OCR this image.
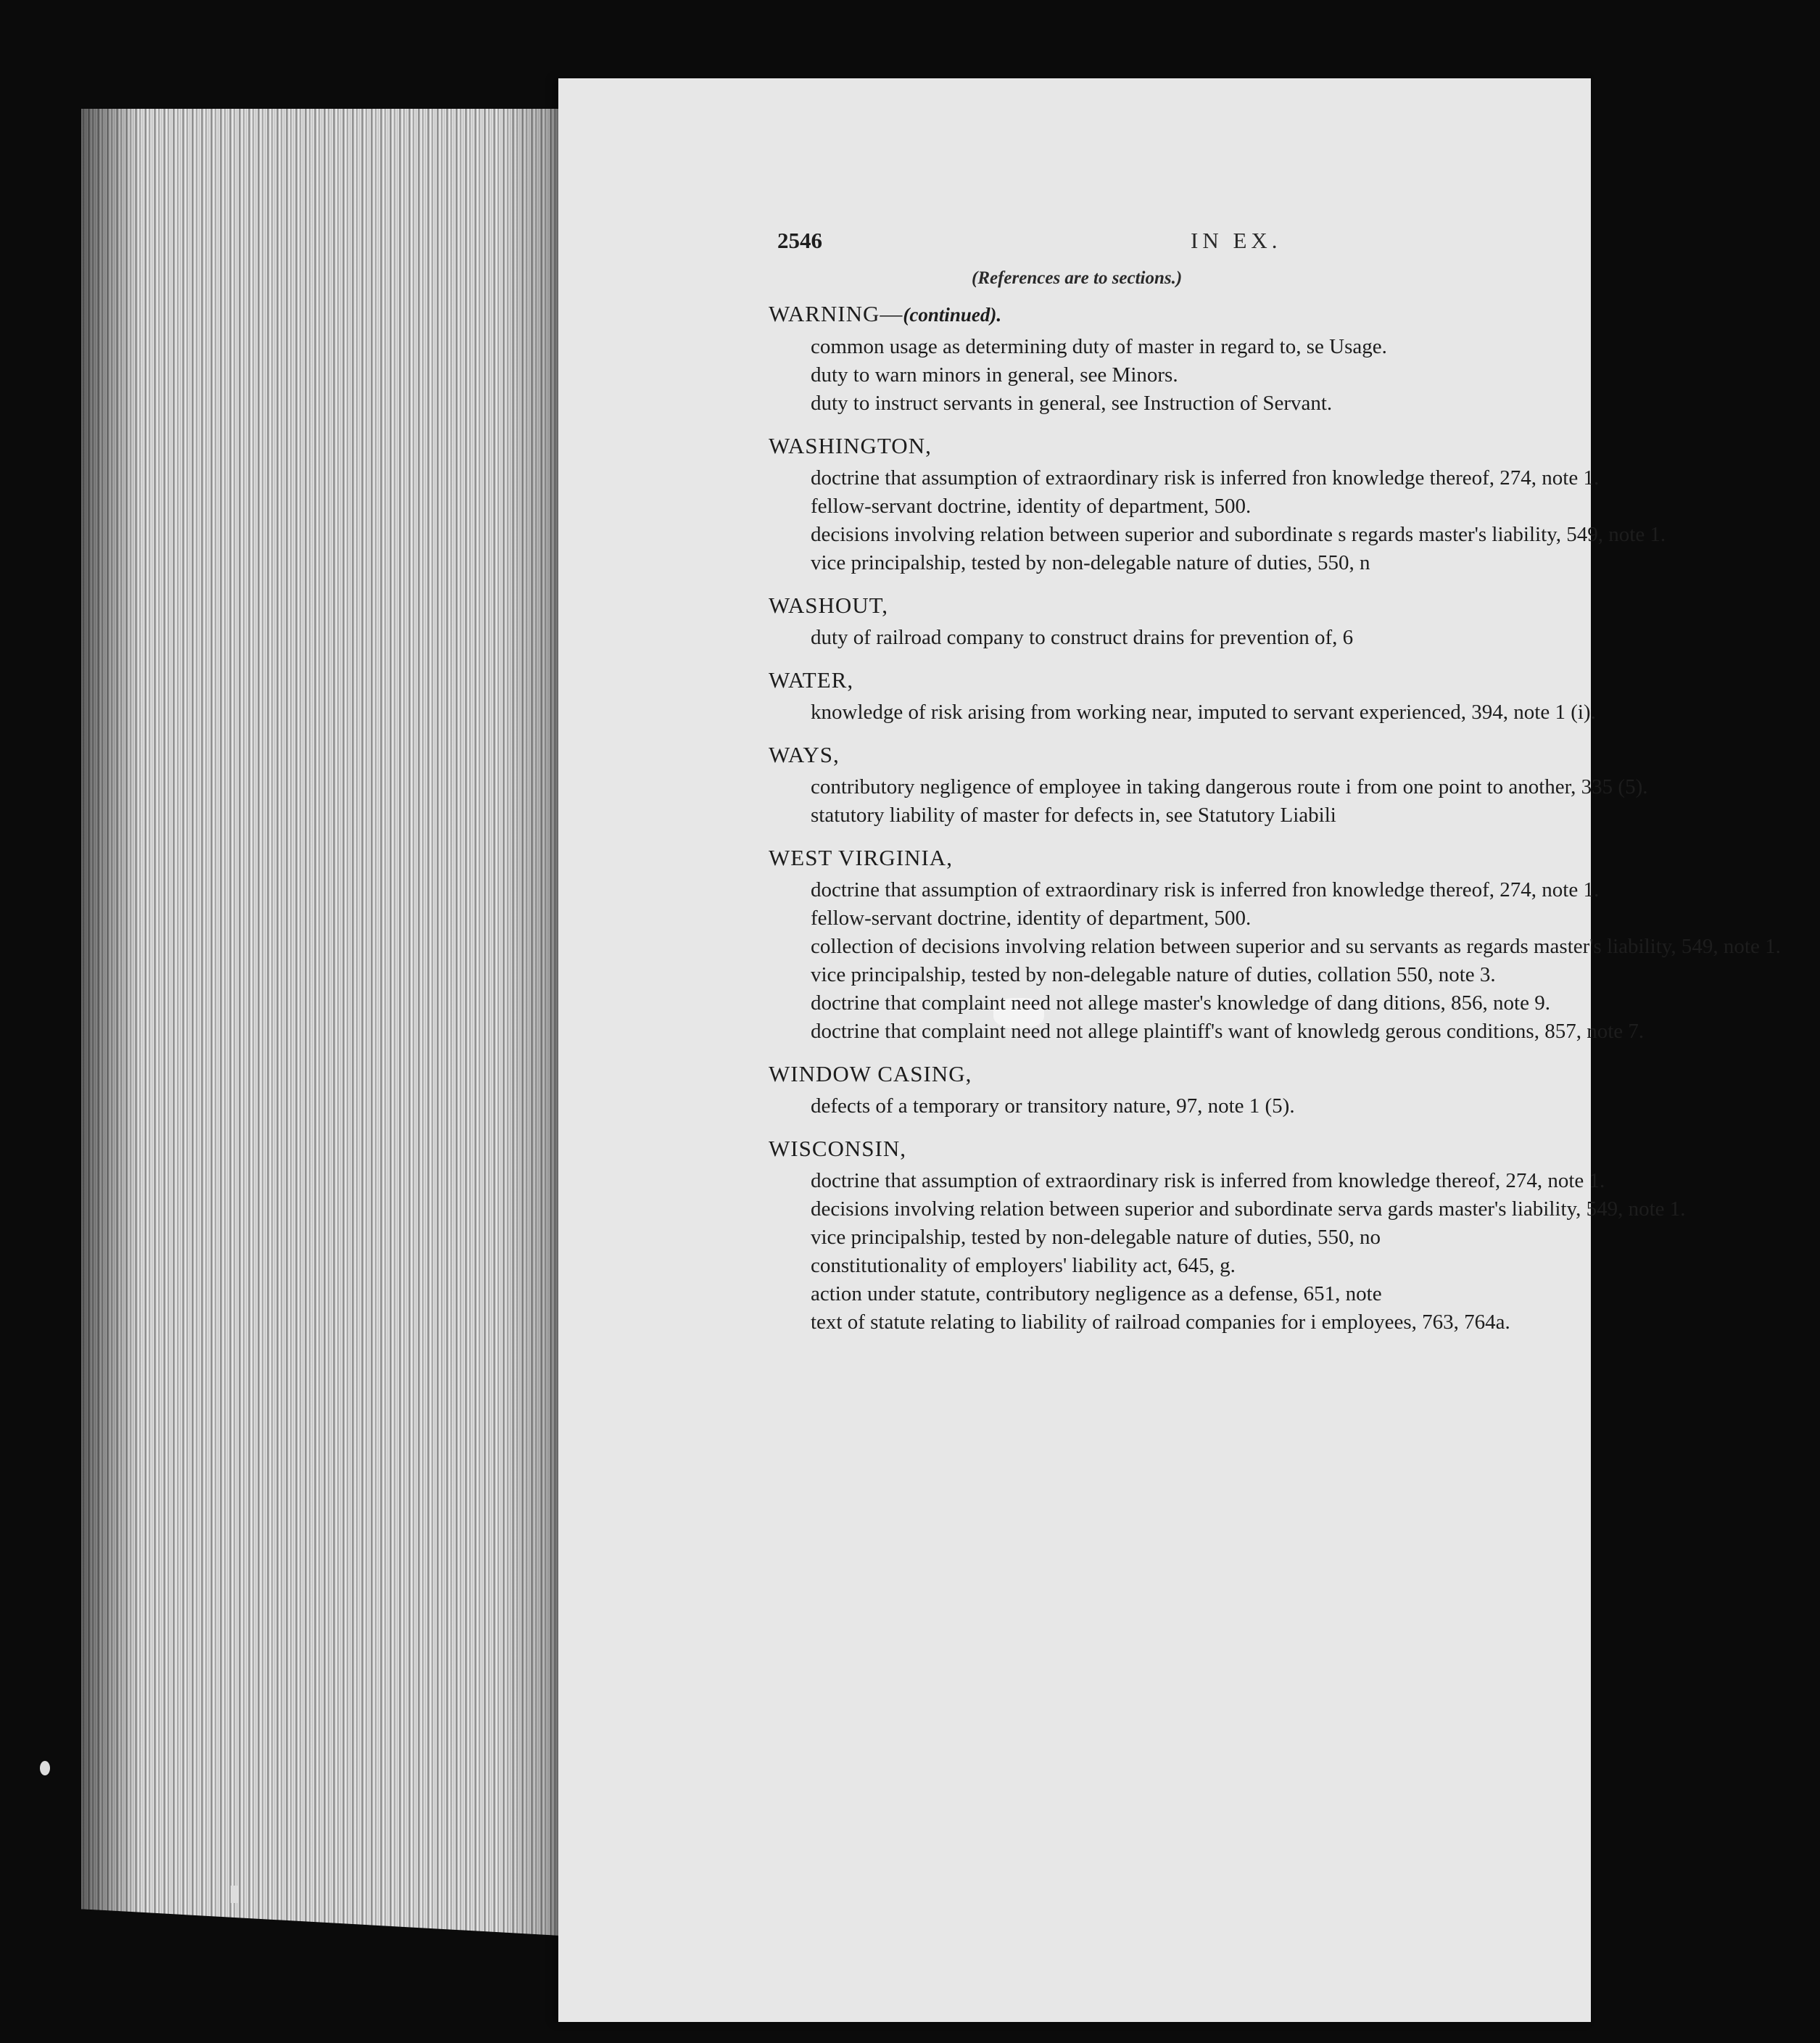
2546	IN EX.
(References are to sections.)
WARNING—(continued).
common usage as determining duty of master in regard to, se Usage.
duty to warn minors in general, see Minors.
duty to instruct servants in general, see Instruction of Servant.
WASHINGTON,
doctrine that assumption of extraordinary risk is inferred fron knowledge thereof, 274, note 1.
fellow-servant doctrine, identity of department, 500.
decisions involving relation between superior and subordinate s regards master's liability, 549, note 1.
vice principalship, tested by non-delegable nature of duties, 550, n
WASHOUT,
duty of railroad company to construct drains for prevention of, 6
WATER,
knowledge of risk arising from working near, imputed to servant experienced, 394, note 1 (i).
WAYS,
contributory negligence of employee in taking dangerous route i from one point to another, 335 (5).
statutory liability of master for defects in, see Statutory Liabili
WEST VIRGINIA,
doctrine that assumption of extraordinary risk is inferred fron knowledge thereof, 274, note 1.
fellow-servant doctrine, identity of department, 500.
collection of decisions involving relation between superior and su servants as regards master's liability, 549, note 1.
vice principalship, tested by non-delegable nature of duties, collation 550, note 3.
doctrine that complaint need not allege master's knowledge of dang ditions, 856, note 9.
doctrine that complaint need not allege plaintiff's want of knowledg gerous conditions, 857, note 7.
WINDOW CASING,
defects of a temporary or transitory nature, 97, note 1 (5).
WISCONSIN,
doctrine that assumption of extraordinary risk is inferred from knowledge thereof, 274, note 1.
decisions involving relation between superior and subordinate serva gards master's liability, 549, note 1.
vice principalship, tested by non-delegable nature of duties, 550, no
constitutionality of employers' liability act, 645, g.
action under statute, contributory negligence as a defense, 651, note
text of statute relating to liability of railroad companies for i employees, 763, 764a.
